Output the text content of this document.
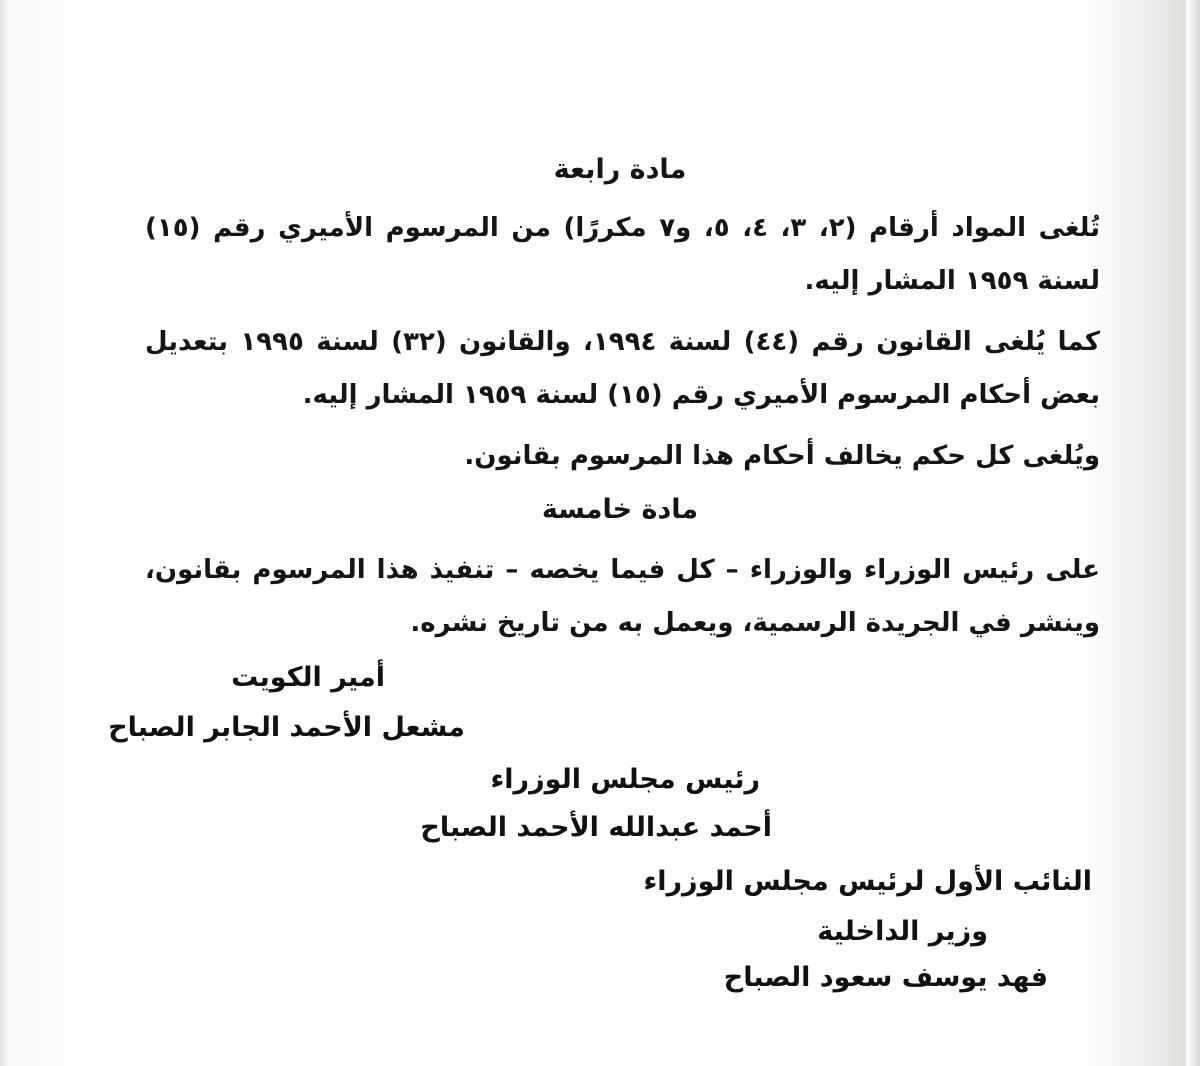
مادة رابعة

تُلغى المواد أرقام (٢، ٣، ٤، ٥، و٧ مكررًا) من المرسوم الأميري رقم (١٥) لسنة ١٩٥٩ المشار إليه.

كما يُلغى القانون رقم (٤٤) لسنة ١٩٩٤، والقانون (٣٢) لسنة ١٩٩٥ بتعديل بعض أحكام المرسوم الأميري رقم (١٥) لسنة ١٩٥٩ المشار إليه.

ويُلغى كل حكم يخالف أحكام هذا المرسوم بقانون.

مادة خامسة

على رئيس الوزراء والوزراء – كل فيما يخصه – تنفيذ هذا المرسوم بقانون، وينشر في الجريدة الرسمية، ويعمل به من تاريخ نشره.

أمير الكويت
مشعل الأحمد الجابر الصباح
رئيس مجلس الوزراء
أحمد عبدالله الأحمد الصباح
النائب الأول لرئيس مجلس الوزراء
وزير الداخلية
فهد يوسف سعود الصباح
